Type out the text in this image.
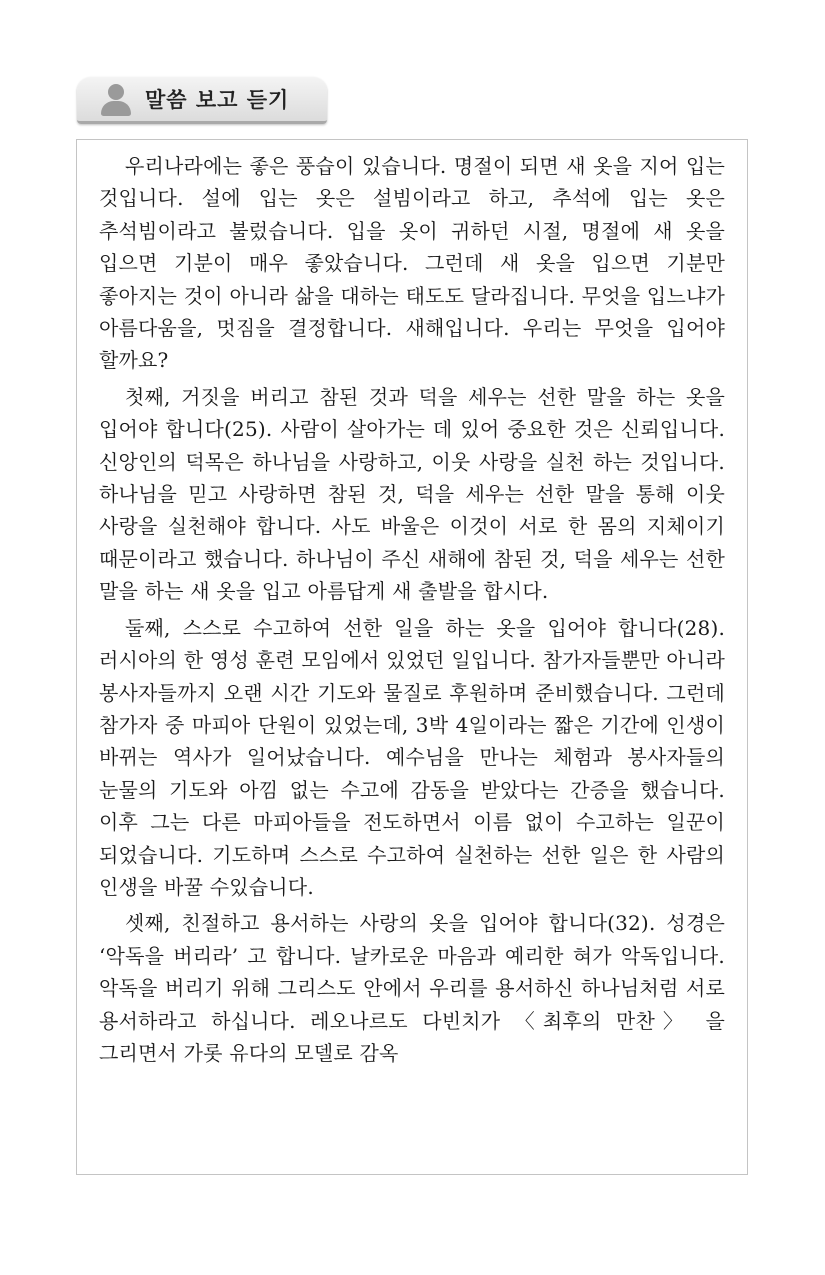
말씀 보고 듣기

우리나라에는 좋은 풍습이 있습니다. 명절이 되면 새 옷을 지어 입는 것입니다. 설에 입는 옷은 설빔이라고 하고, 추석에 입는 옷은 추석빔이라고 불렀습니다. 입을 옷이 귀하던 시절, 명절에 새 옷을 입으면 기분이 매우 좋았습니다. 그런데 새 옷을 입으면 기분만 좋아지는 것이 아니라 삶을 대하는 태도도 달라집니다. 무엇을 입느냐가 아름다움을, 멋짐을 결정합니다. 새해입니다. 우리는 무엇을 입어야 할까요?

첫째, 거짓을 버리고 참된 것과 덕을 세우는 선한 말을 하는 옷을 입어야 합니다(25). 사람이 살아가는 데 있어 중요한 것은 신뢰입니다. 신앙인의 덕목은 하나님을 사랑하고, 이웃 사랑을 실천 하는 것입니다. 하나님을 믿고 사랑하면 참된 것, 덕을 세우는 선한 말을 통해 이웃 사랑을 실천해야 합니다. 사도 바울은 이것이 서로 한 몸의 지체이기 때문이라고 했습니다. 하나님이 주신 새해에 참된 것, 덕을 세우는 선한 말을 하는 새 옷을 입고 아름답게 새 출발을 합시다.

둘째, 스스로 수고하여 선한 일을 하는 옷을 입어야 합니다(28). 러시아의 한 영성 훈련 모임에서 있었던 일입니다. 참가자들뿐만 아니라 봉사자들까지 오랜 시간 기도와 물질로 후원하며 준비했습니다. 그런데 참가자 중 마피아 단원이 있었는데, 3박 4일이라는 짧은 기간에 인생이 바뀌는 역사가 일어났습니다. 예수님을 만나는 체험과 봉사자들의 눈물의 기도와 아낌 없는 수고에 감동을 받았다는 간증을 했습니다. 이후 그는 다른 마피아들을 전도하면서 이름 없이 수고하는 일꾼이 되었습니다. 기도하며 스스로 수고하여 실천하는 선한 일은 한 사람의 인생을 바꿀 수있습니다.

셋째, 친절하고 용서하는 사랑의 옷을 입어야 합니다(32). 성경은 ‘악독을 버리라’ 고 합니다. 날카로운 마음과 예리한 혀가 악독입니다. 악독을 버리기 위해 그리스도 안에서 우리를 용서하신 하나님처럼 서로 용서하라고 하십니다. 레오나르도 다빈치가 〈최후의 만찬〉 을 그리면서 가롯 유다의 모델로 감옥
